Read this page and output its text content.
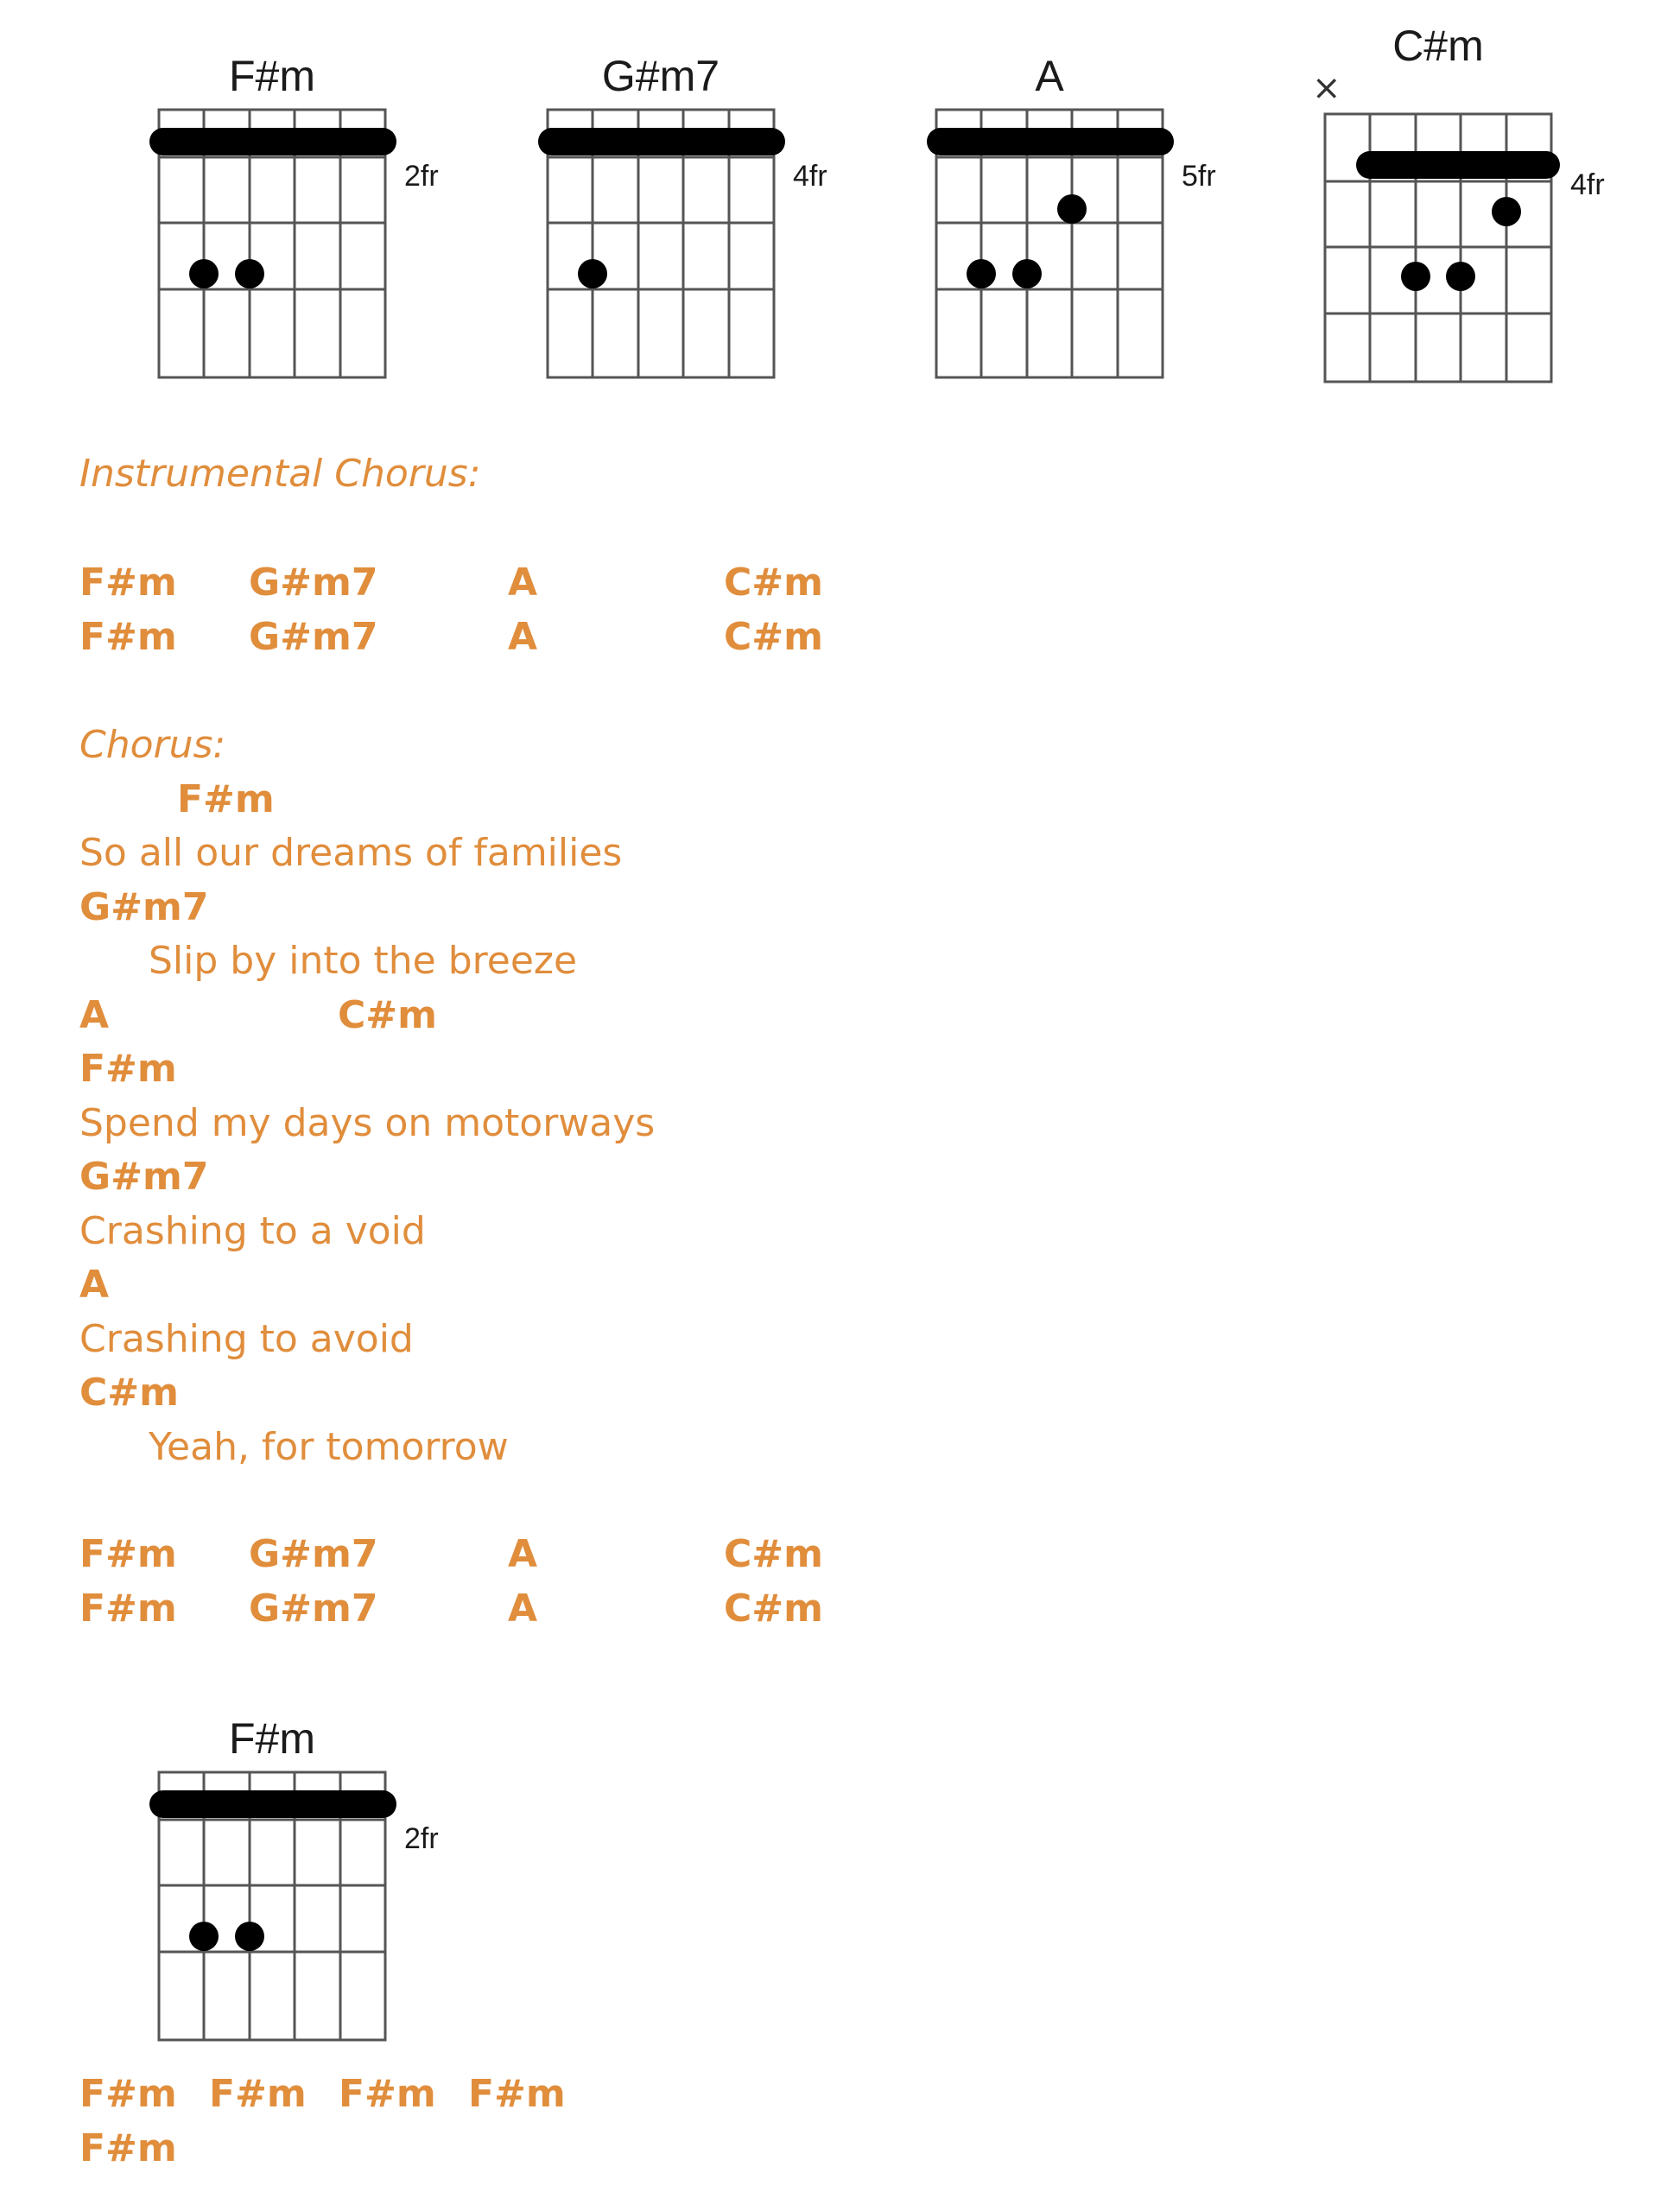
F#m
2fr
G#m7
4fr
A
5fr
C#m
×
4fr
Instrumental Chorus:
F#m G#m7	A	C#m
F#m G#m7	A	C#m
Chorus:
F#m
So all our dreams of families
G#m7
Slip by into the breeze
A	C#m
F#m
Spend my days on motorways
G#m7
Crashing to a void
A
Crashing to avoid
C#m
Yeah, for tomorrow
F#m G#m7	A	C#m
F#m G#m7	A	C#m
F#m
2fr
F#m F#m F#m F#m
F#m
